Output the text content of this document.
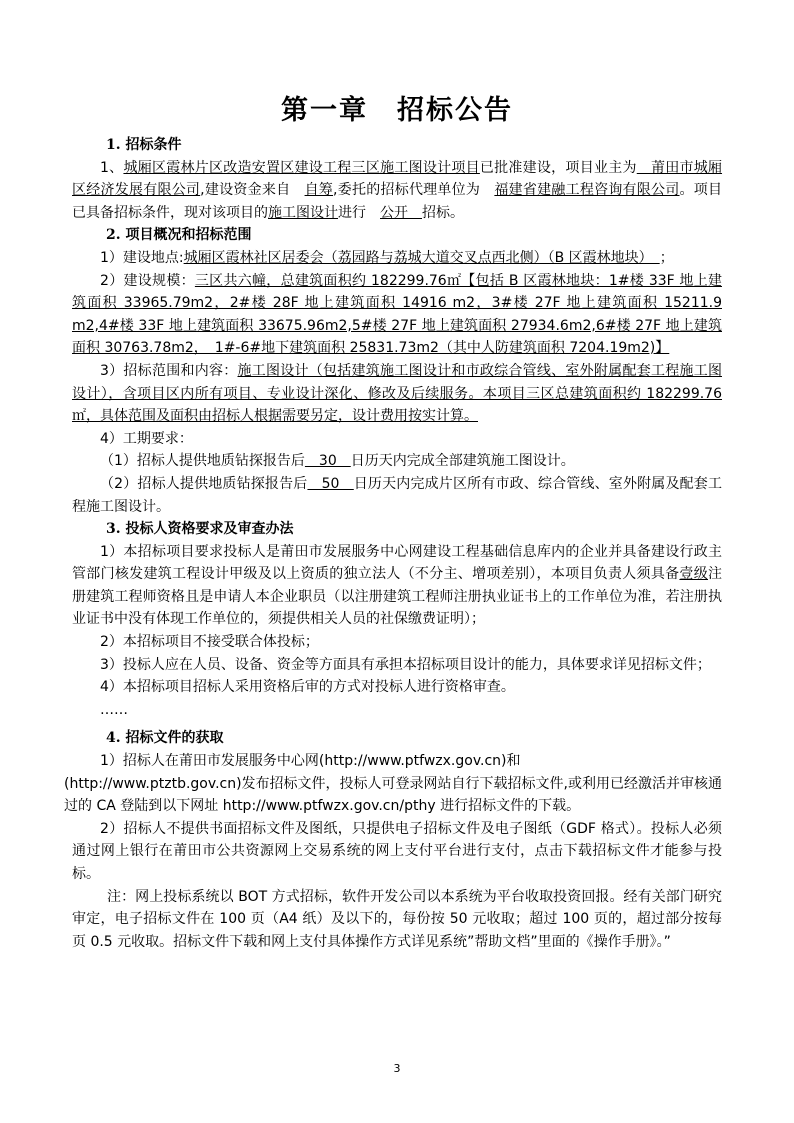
第一章　招标公告

1. 招标条件

1、城厢区霞林片区改造安置区建设工程三区施工图设计项目已批准建设，项目业主为　莆田市城厢区经济发展有限公司,建设资金来自　自筹,委托的招标代理单位为　福建省建融工程咨询有限公司。项目已具备招标条件，现对该项目的施工图设计进行　公开　招标。

2. 项目概况和招标范围

1）建设地点:城厢区霞林社区居委会（荔园路与荔城大道交叉点西北侧）（B 区霞林地块）　；

2）建设规模：三区共六幢，总建筑面积约 182299.76㎡【包括 B 区霞林地块：1#楼 33F 地上建筑面积 33965.79m2，2#楼 28F 地上建筑面积 14916 m2，3#楼 27F 地上建筑面积 15211.9 m2,4#楼 33F 地上建筑面积 33675.96m2,5#楼 27F 地上建筑面积 27934.6m2,6#楼 27F 地上建筑面积 30763.78m2，　1#-6#地下建筑面积 25831.73m2（其中人防建筑面积 7204.19m2)】

3）招标范围和内容：施工图设计（包括建筑施工图设计和市政综合管线、室外附属配套工程施工图设计），含项目区内所有项目、专业设计深化、修改及后续服务。本项目三区总建筑面积约 182299.76㎡，具体范围及面积由招标人根据需要另定，设计费用按实计算。

4）工期要求：

（1）招标人提供地质钻探报告后　30　日历天内完成全部建筑施工图设计。

（2）招标人提供地质钻探报告后　50　日历天内完成片区所有市政、综合管线、室外附属及配套工程施工图设计。

3. 投标人资格要求及审查办法

1）本招标项目要求投标人是莆田市发展服务中心网建设工程基础信息库内的企业并具备建设行政主管部门核发建筑工程设计甲级及以上资质的独立法人（不分主、增项差别），本项目负责人须具备壹级注册建筑工程师资格且是申请人本企业职员（以注册建筑工程师注册执业证书上的工作单位为准，若注册执业证书中没有体现工作单位的，须提供相关人员的社保缴费证明）；

2）本招标项目不接受联合体投标；

3）投标人应在人员、设备、资金等方面具有承担本招标项目设计的能力，具体要求详见招标文件；

4）本招标项目招标人采用资格后审的方式对投标人进行资格审查。

……

4. 招标文件的获取

1）招标人在莆田市发展服务中心网(http://www.ptfwzx.gov.cn)和

(http://www.ptztb.gov.cn)发布招标文件，投标人可登录网站自行下载招标文件,或利用已经激活并审核通过的 CA 登陆到以下网址 http://www.ptfwzx.gov.cn/pthy 进行招标文件的下载。

2）招标人不提供书面招标文件及图纸，只提供电子招标文件及电子图纸（GDF 格式）。投标人必须通过网上银行在莆田市公共资源网上交易系统的网上支付平台进行支付，点击下载招标文件才能参与投标。

注：网上投标系统以 BOT 方式招标，软件开发公司以本系统为平台收取投资回报。经有关部门研究审定，电子招标文件在 100 页（A4 纸）及以下的，每份按 50 元收取；超过 100 页的，超过部分按每页 0.5 元收取。招标文件下载和网上支付具体操作方式详见系统”帮助文档”里面的《操作手册》。”

3
